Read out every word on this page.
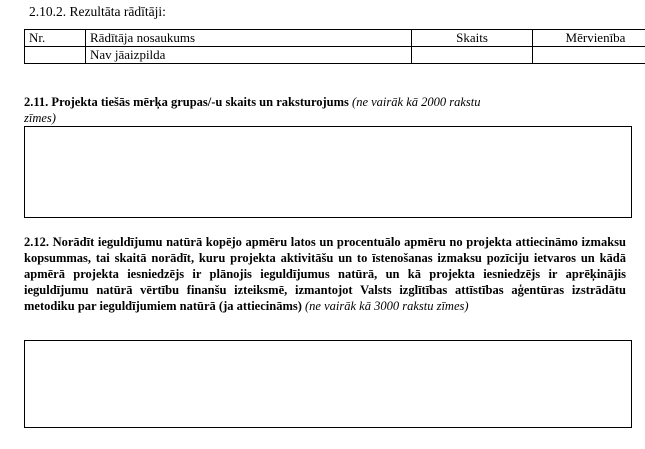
2.10.2. Rezultāta rādītāji:
Nr.	Rādītāja nosaukums	Skaits	Mērvienība
	Nav jāaizpilda		
2.11. Projekta tiešās mērķa grupas/-u skaits un raksturojums (ne vairāk kā 2000 rakstu
zīmes)
2.12. Norādīt ieguldījumu natūrā kopējo apmēru latos un procentuālo apmēru no projekta attiecināmo izmaksu kopsummas, tai skaitā norādīt, kuru projekta aktivitāšu un to īstenošanas izmaksu pozīciju ietvaros un kādā apmērā projekta iesniedzējs ir plānojis ieguldījumus natūrā, un kā projekta iesniedzējs ir aprēķinājis ieguldījumu natūrā vērtību finanšu izteiksmē, izmantojot Valsts izglītības attīstības aģentūras izstrādātu metodiku par ieguldījumiem natūrā (ja attiecināms) (ne vairāk kā 3000 rakstu zīmes)
